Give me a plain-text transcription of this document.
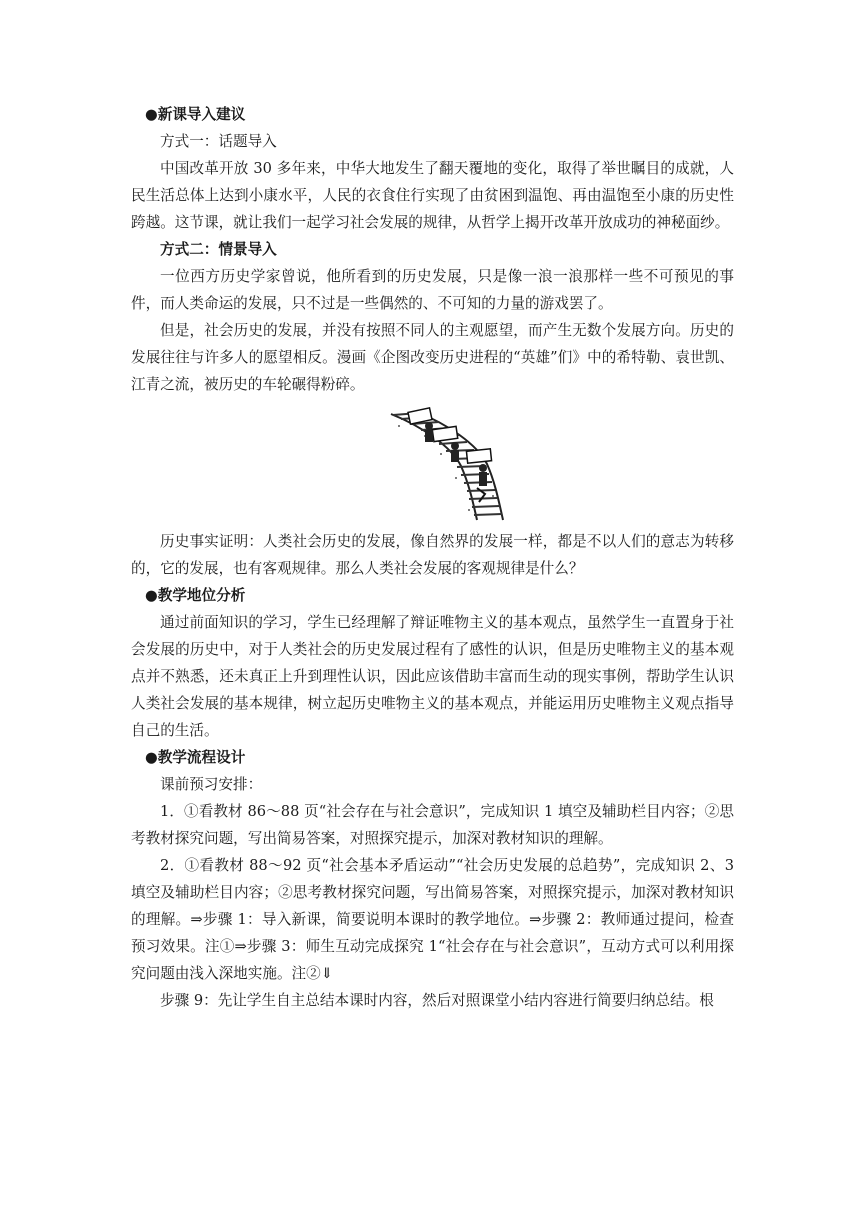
●新课导入建议

方式一：话题导入

中国改革开放 30 多年来，中华大地发生了翻天覆地的变化，取得了举世瞩目的成就，人民生活总体上达到小康水平，人民的衣食住行实现了由贫困到温饱、再由温饱至小康的历史性跨越。这节课，就让我们一起学习社会发展的规律，从哲学上揭开改革开放成功的神秘面纱。

方式二：情景导入

一位西方历史学家曾说，他所看到的历史发展，只是像一浪一浪那样一些不可预见的事件，而人类命运的发展，只不过是一些偶然的、不可知的力量的游戏罢了。

但是，社会历史的发展，并没有按照不同人的主观愿望，而产生无数个发展方向。历史的发展往往与许多人的愿望相反。漫画《企图改变历史进程的“英雄”们》中的希特勒、袁世凯、江青之流，被历史的车轮碾得粉碎。

历史事实证明：人类社会历史的发展，像自然界的发展一样，都是不以人们的意志为转移的，它的发展，也有客观规律。那么人类社会发展的客观规律是什么？

●教学地位分析

通过前面知识的学习，学生已经理解了辩证唯物主义的基本观点，虽然学生一直置身于社会发展的历史中，对于人类社会的历史发展过程有了感性的认识，但是历史唯物主义的基本观点并不熟悉，还未真正上升到理性认识，因此应该借助丰富而生动的现实事例，帮助学生认识人类社会发展的基本规律，树立起历史唯物主义的基本观点，并能运用历史唯物主义观点指导自己的生活。

●教学流程设计

课前预习安排：

1．①看教材 86～88 页“社会存在与社会意识”，完成知识 1 填空及辅助栏目内容；②思考教材探究问题，写出简易答案，对照探究提示，加深对教材知识的理解。

2．①看教材 88～92 页“社会基本矛盾运动”“社会历史发展的总趋势”，完成知识 2、3 填空及辅助栏目内容；②思考教材探究问题，写出简易答案，对照探究提示，加深对教材知识的理解。⇒步骤 1：导入新课，简要说明本课时的教学地位。⇒步骤 2：教师通过提问，检查预习效果。注①⇒步骤 3：师生互动完成探究 1“社会存在与社会意识”，互动方式可以利用探究问题由浅入深地实施。注②⇓

步骤 9：先让学生自主总结本课时内容，然后对照课堂小结内容进行简要归纳总结。根
